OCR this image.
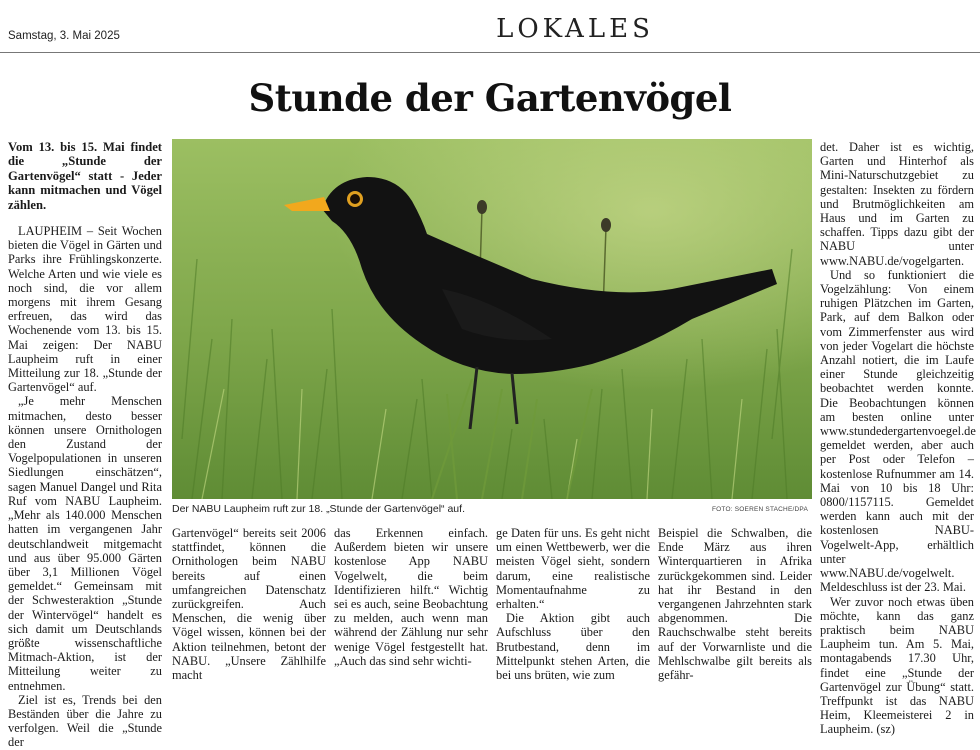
Samstag, 3. Mai 2025	LOKALES
Stunde der Gartenvögel

Vom 13. bis 15. Mai findet die „Stunde der Gartenvögel“ statt - Jeder kann mitmachen und Vögel zählen.

LAUPHEIM – Seit Wochen bieten die Vögel in Gärten und Parks ihre Frühlingskonzerte. Welche Arten und wie viele es noch sind, die vor allem morgens mit ihrem Gesang erfreuen, das wird das Wochenende vom 13. bis 15. Mai zeigen: Der NABU Laupheim ruft in einer Mitteilung zur 18. „Stunde der Gartenvögel“ auf.

„Je mehr Menschen mitmachen, desto besser können unsere Ornithologen den Zustand der Vogelpopulationen in unseren Siedlungen einschätzen“, sagen Manuel Dangel und Rita Ruf vom NABU Laupheim. „Mehr als 140.000 Menschen hatten im vergangenen Jahr deutschlandweit mitgemacht und aus über 95.000 Gärten über 3,1 Millionen Vögel gemeldet.“ Gemeinsam mit der Schwesteraktion „Stunde der Wintervögel“ handelt es sich damit um Deutschlands größte wissenschaftliche Mitmach-Aktion, ist der Mitteilung weiter zu entnehmen.

Ziel ist es, Trends bei den Beständen über die Jahre zu verfolgen. Weil die „Stunde der

Der NABU Laupheim ruft zur 18. „Stunde der Gartenvögel“ auf.	FOTO: SOEREN STACHE/DPA

Gartenvögel“ bereits seit 2006 stattfindet, können die Ornithologen beim NABU bereits auf einen umfangreichen Datenschatz zurückgreifen. Auch Menschen, die wenig über Vögel wissen, können bei der Aktion teilnehmen, betont der NABU. „Unsere Zählhilfe macht

das Erkennen einfach. Außerdem bieten wir unsere kostenlose App NABU Vogelwelt, die beim Identifizieren hilft.“ Wichtig sei es auch, seine Beobachtung zu melden, auch wenn man während der Zählung nur sehr wenige Vögel festgestellt hat. „Auch das sind sehr wichti-

ge Daten für uns. Es geht nicht um einen Wettbewerb, wer die meisten Vögel sieht, sondern darum, eine realistische Momentaufnahme zu erhalten.“

Die Aktion gibt auch Aufschluss über den Brutbestand, denn im Mittelpunkt stehen Arten, die bei uns brüten, wie zum

Beispiel die Schwalben, die Ende März aus ihren Winterquartieren in Afrika zurückgekommen sind. Leider hat ihr Bestand in den vergangenen Jahrzehnten stark abgenommen. Die Rauchschwalbe steht bereits auf der Vorwarnliste und die Mehlschwalbe gilt bereits als gefähr-

det. Daher ist es wichtig, Garten und Hinterhof als Mini-Naturschutzgebiet zu gestalten: Insekten zu fördern und Brutmöglichkeiten am Haus und im Garten zu schaffen. Tipps dazu gibt der NABU unter www.NABU.de/vogelgarten.

Und so funktioniert die Vogelzählung: Von einem ruhigen Plätzchen im Garten, Park, auf dem Balkon oder vom Zimmerfenster aus wird von jeder Vogelart die höchste Anzahl notiert, die im Laufe einer Stunde gleichzeitig beobachtet werden konnte. Die Beobachtungen können am besten online unter www.stundedergartenvoegel.de gemeldet werden, aber auch per Post oder Telefon – kostenlose Rufnummer am 14. Mai von 10 bis 18 Uhr: 0800/1157115. Gemeldet werden kann auch mit der kostenlosen NABU-Vogelwelt-App, erhältlich unter www.NABU.de/vogelwelt. Meldeschluss ist der 23. Mai.

Wer zuvor noch etwas üben möchte, kann das ganz praktisch beim NABU Laupheim tun. Am 5. Mai, montagabends 17.30 Uhr, findet eine „Stunde der Gartenvögel zur Übung“ statt. Treffpunkt ist das NABU Heim, Kleemeisterei 2 in Laupheim. (sz)
